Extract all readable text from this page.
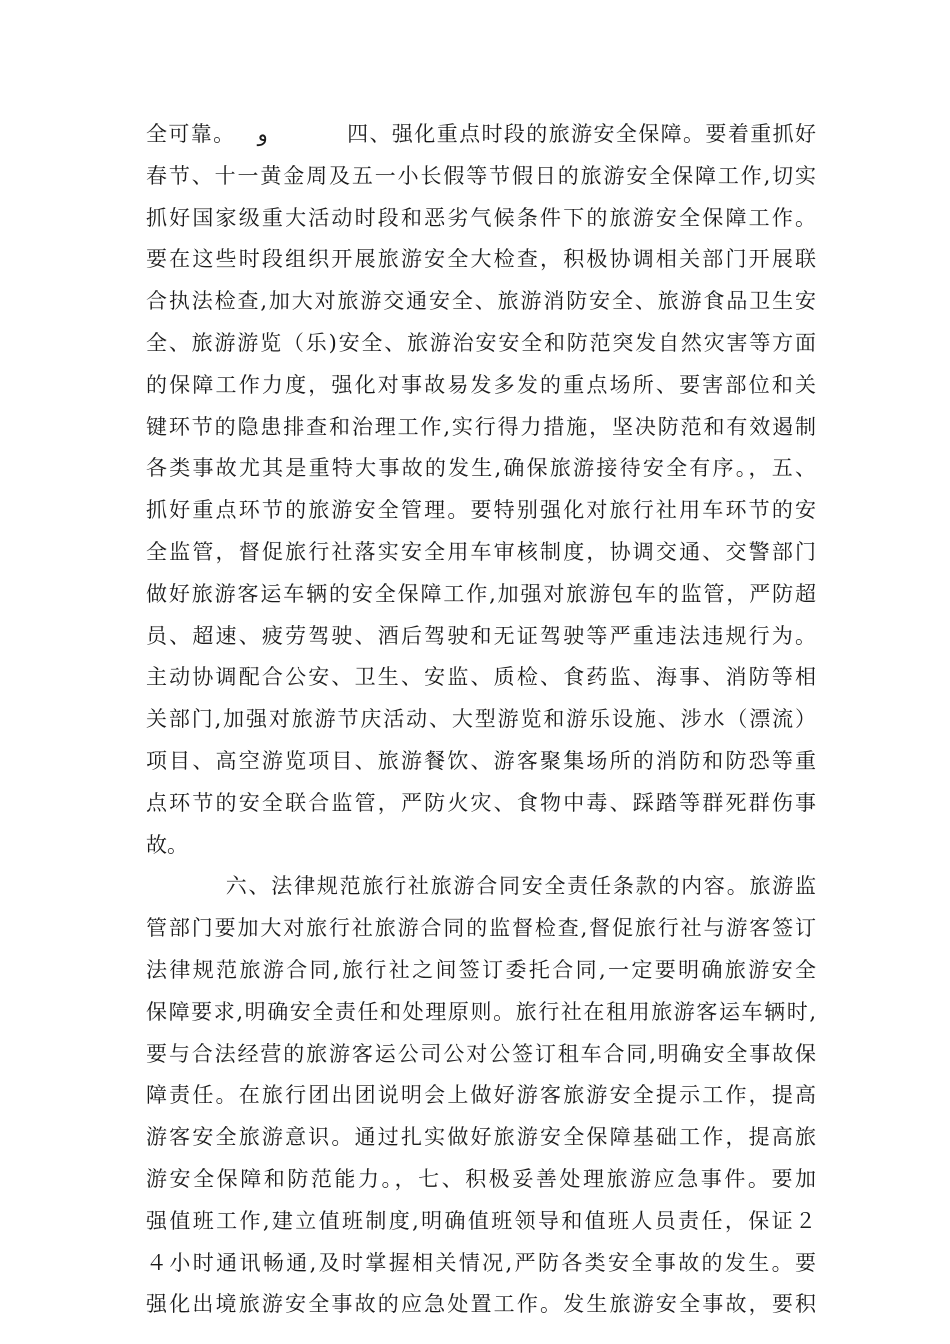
全可靠。 و	四、强化重点时段的旅游安全保障。要着重抓好
春节、十一黄金周及五一小长假等节假日的旅游安全保障工作,切实
抓好国家级重大活动时段和恶劣气候条件下的旅游安全保障工作。
要在这些时段组织开展旅游安全大检查，积极协调相关部门开展联
合执法检查,加大对旅游交通安全、旅游消防安全、旅游食品卫生安
全、旅游游览（乐)安全、旅游治安安全和防范突发自然灾害等方面
的保障工作力度，强化对事故易发多发的重点场所、要害部位和关
键环节的隐患排查和治理工作,实行得力措施，坚决防范和有效遏制
各类事故尤其是重特大事故的发生,确保旅游接待安全有序。，五、
抓好重点环节的旅游安全管理。要特别强化对旅行社用车环节的安
全监管，督促旅行社落实安全用车审核制度，协调交通、交警部门
做好旅游客运车辆的安全保障工作,加强对旅游包车的监管，严防超
员、超速、疲劳驾驶、酒后驾驶和无证驾驶等严重违法违规行为。
主动协调配合公安、卫生、安监、质检、食药监、海事、消防等相
关部门,加强对旅游节庆活动、大型游览和游乐设施、涉水（漂流）
项目、高空游览项目、旅游餐饮、游客聚集场所的消防和防恐等重
点环节的安全联合监管，严防火灾、食物中毒、踩踏等群死群伤事
故。
六、法律规范旅行社旅游合同安全责任条款的内容。旅游监
管部门要加大对旅行社旅游合同的监督检查,督促旅行社与游客签订
法律规范旅游合同,旅行社之间签订委托合同,一定要明确旅游安全
保障要求,明确安全责任和处理原则。旅行社在租用旅游客运车辆时,
要与合法经营的旅游客运公司公对公签订租车合同,明确安全事故保
障责任。在旅行团出团说明会上做好游客旅游安全提示工作，提高
游客安全旅游意识。通过扎实做好旅游安全保障基础工作，提高旅
游安全保障和防范能力。，七、积极妥善处理旅游应急事件。要加
强值班工作,建立值班制度,明确值班领导和值班人员责任，保证２
４小时通讯畅通,及时掌握相关情况,严防各类安全事故的发生。要
强化出境旅游安全事故的应急处置工作。发生旅游安全事故，要积
